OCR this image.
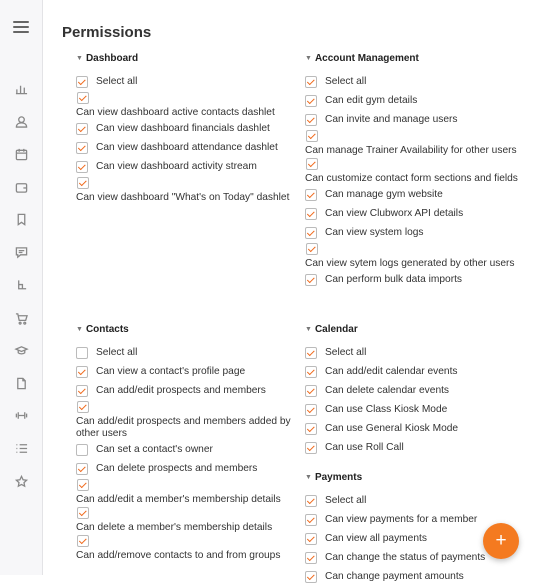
Permissions
▼ Dashboard
Select all
Can view dashboard active contacts dashlet
Can view dashboard financials dashlet
Can view dashboard attendance dashlet
Can view dashboard activity stream
Can view dashboard "What's on Today" dashlet
▼ Account Management
Select all
Can edit gym details
Can invite and manage users
Can manage Trainer Availability for other users
Can customize contact form sections and fields
Can manage gym website
Can view Clubworx API details
Can view system logs
Can view sytem logs generated by other users
Can perform bulk data imports
▼ Contacts
Select all
Can view a contact's profile page
Can add/edit prospects and members
Can add/edit prospects and members added by other users
Can set a contact's owner
Can delete prospects and members
Can add/edit a member's membership details
Can delete a member's membership details
Can add/remove contacts to and from groups
▼ Calendar
Select all
Can add/edit calendar events
Can delete calendar events
Can use Class Kiosk Mode
Can use General Kiosk Mode
Can use Roll Call
▼ Payments
Select all
Can view payments for a member
Can view all payments
Can change the status of payments
Can change payment amounts
+
